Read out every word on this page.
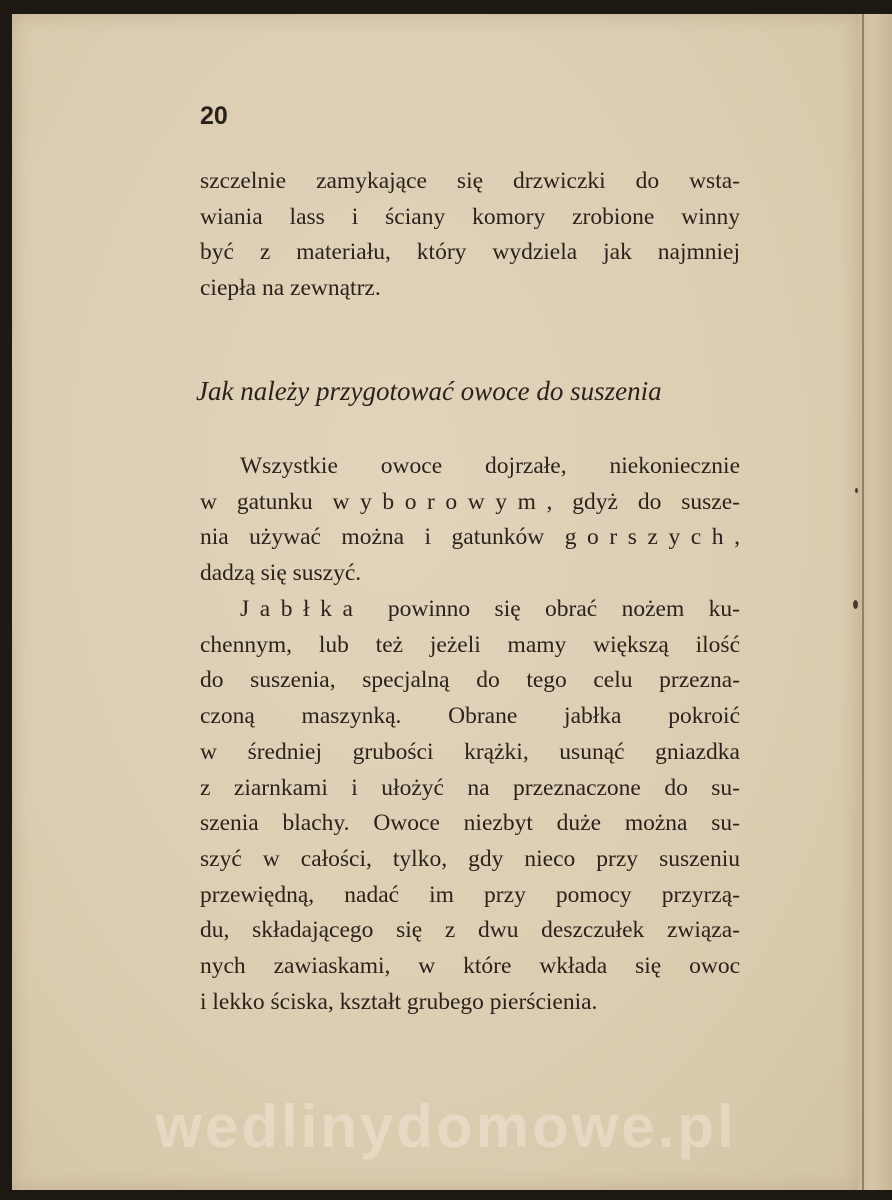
20
szczelnie zamykające się drzwiczki do wsta-
wiania lass i ściany komory zrobione winny
być z materiału, który wydziela jak najmniej
ciepła na zewnątrz.
Jak należy przygotować owoce do suszenia
Wszystkie owoce dojrzałe, niekoniecznie
w gatunku wyborowym, gdyż do susze-
nia używać można i gatunków gorszych,
dadzą się suszyć.
Jabłka powinno się obrać nożem ku-
chennym, lub też jeżeli mamy większą ilość
do suszenia, specjalną do tego celu przezna-
czoną maszynką. Obrane jabłka pokroić
w średniej grubości krążki, usunąć gniazdka
z ziarnkami i ułożyć na przeznaczone do su-
szenia blachy. Owoce niezbyt duże można su-
szyć w całości, tylko, gdy nieco przy suszeniu
przewiędną, nadać im przy pomocy przyrzą-
du, składającego się z dwu deszczułek związa-
nych zawiaskami, w które wkłada się owoc
i lekko ściska, kształt grubego pierścienia.
wedlinydomowe.pl
